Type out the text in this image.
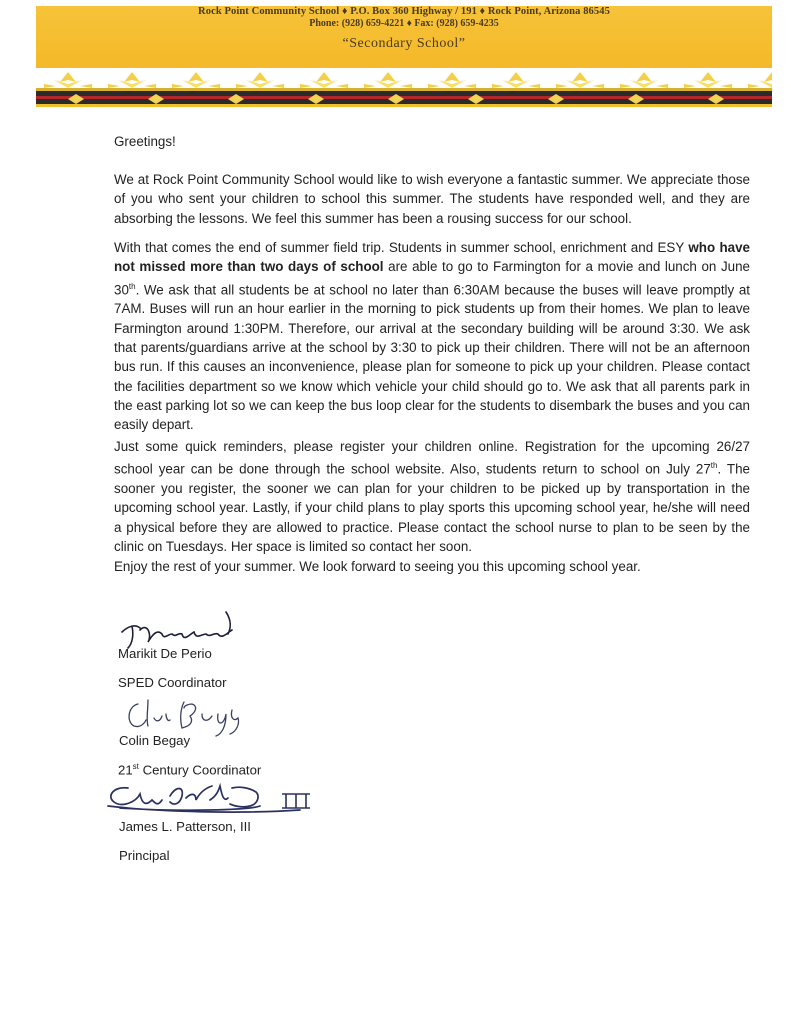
Rock Point Community School ♦ P.O. Box 360 Highway / 191 ♦ Rock Point, Arizona 86545
Phone: (928) 659-4221 ♦ Fax: (928) 659-4235
“Secondary School”
Greetings!

We at Rock Point Community School would like to wish everyone a fantastic summer. We appreciate those of you who sent your children to school this summer. The students have responded well, and they are absorbing the lessons. We feel this summer has been a rousing success for our school.

With that comes the end of summer field trip. Students in summer school, enrichment and ESY who have not missed more than two days of school are able to go to Farmington for a movie and lunch on June 30th. We ask that all students be at school no later than 6:30AM because the buses will leave promptly at 7AM. Buses will run an hour earlier in the morning to pick students up from their homes. We plan to leave Farmington around 1:30PM. Therefore, our arrival at the secondary building will be around 3:30. We ask that parents/guardians arrive at the school by 3:30 to pick up their children. There will not be an afternoon bus run. If this causes an inconvenience, please plan for someone to pick up your children. Please contact the facilities department so we know which vehicle your child should go to. We ask that all parents park in the east parking lot so we can keep the bus loop clear for the students to disembark the buses and you can easily depart.

Just some quick reminders, please register your children online. Registration for the upcoming 26/27 school year can be done through the school website. Also, students return to school on July 27th. The sooner you register, the sooner we can plan for your children to be picked up by transportation in the upcoming school year. Lastly, if your child plans to play sports this upcoming school year, he/she will need a physical before they are allowed to practice. Please contact the school nurse to plan to be seen by the clinic on Tuesdays. Her space is limited so contact her soon.

Enjoy the rest of your summer. We look forward to seeing you this upcoming school year.

Marikit De Perio
SPED Coordinator
Colin Begay
21st Century Coordinator
James L. Patterson, III
Principal
